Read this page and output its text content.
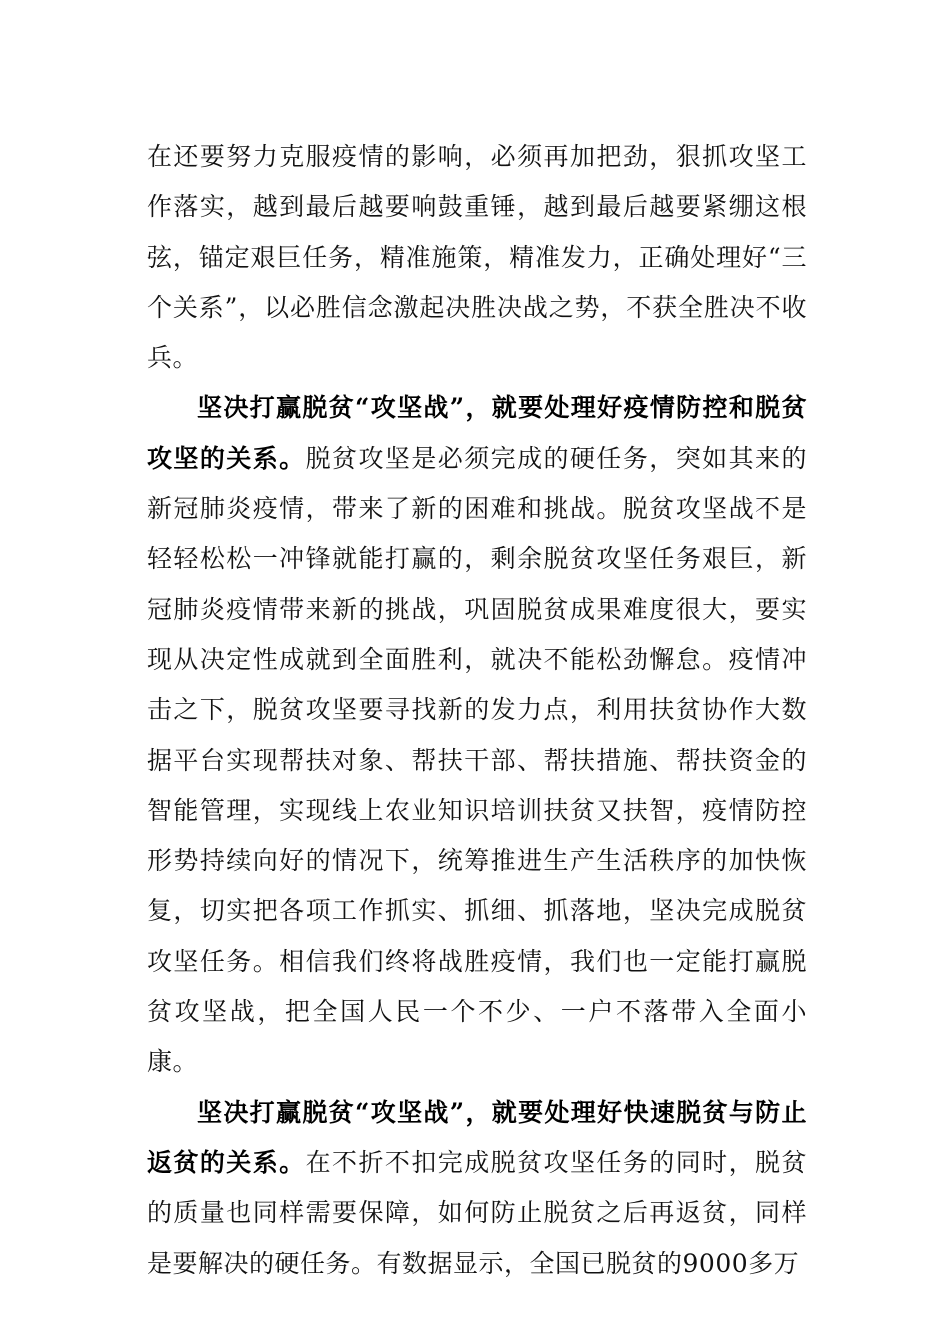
在还要努力克服疫情的影响，必须再加把劲，狠抓攻坚工作落实，越到最后越要响鼓重锤，越到最后越要紧绷这根弦，锚定艰巨任务，精准施策，精准发力，正确处理好“三个关系”，以必胜信念激起决胜决战之势，不获全胜决不收兵。

坚决打赢脱贫“攻坚战”，就要处理好疫情防控和脱贫攻坚的关系。脱贫攻坚是必须完成的硬任务，突如其来的新冠肺炎疫情，带来了新的困难和挑战。脱贫攻坚战不是轻轻松松一冲锋就能打赢的，剩余脱贫攻坚任务艰巨，新冠肺炎疫情带来新的挑战，巩固脱贫成果难度很大，要实现从决定性成就到全面胜利，就决不能松劲懈怠。疫情冲击之下，脱贫攻坚要寻找新的发力点，利用扶贫协作大数据平台实现帮扶对象、帮扶干部、帮扶措施、帮扶资金的智能管理，实现线上农业知识培训扶贫又扶智，疫情防控形势持续向好的情况下，统筹推进生产生活秩序的加快恢复，切实把各项工作抓实、抓细、抓落地，坚决完成脱贫攻坚任务。相信我们终将战胜疫情，我们也一定能打赢脱贫攻坚战，把全国人民一个不少、一户不落带入全面小康。

坚决打赢脱贫“攻坚战”，就要处理好快速脱贫与防止返贫的关系。在不折不扣完成脱贫攻坚任务的同时，脱贫的质量也同样需要保障，如何防止脱贫之后再返贫，同样是要解决的硬任务。有数据显示，全国已脱贫的9000多万
